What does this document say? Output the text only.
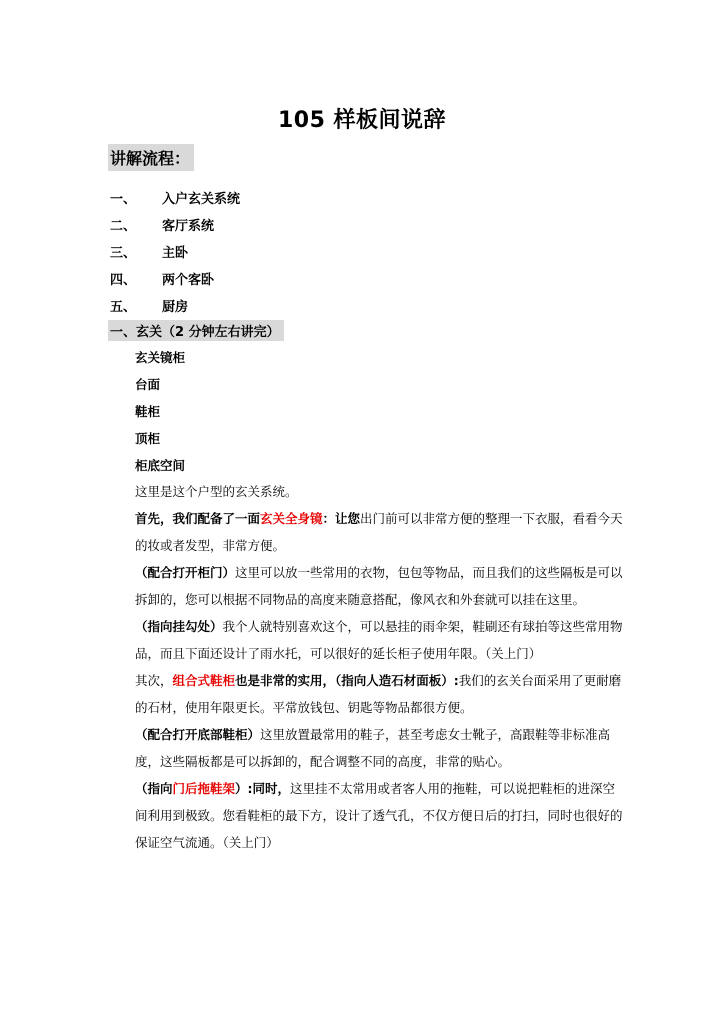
105 样板间说辞
讲解流程：
一、	入户玄关系统
二、	客厅系统
三、	主卧
四、	两个客卧
五、	厨房
一、玄关（2 分钟左右讲完）
玄关镜柜
台面
鞋柜
顶柜
柜底空间

这里是这个户型的玄关系统。

首先，我们配备了一面玄关全身镜：让您出门前可以非常方便的整理一下衣服，看看今天的妆或者发型，非常方便。

（配合打开柜门）这里可以放一些常用的衣物，包包等物品，而且我们的这些隔板是可以拆卸的，您可以根据不同物品的高度来随意搭配，像风衣和外套就可以挂在这里。

（指向挂勾处）我个人就特别喜欢这个，可以悬挂的雨伞架，鞋刷还有球拍等这些常用物品，而且下面还设计了雨水托，可以很好的延长柜子使用年限。（关上门）

其次，组合式鞋柜也是非常的实用，（指向人造石材面板）:我们的玄关台面采用了更耐磨的石材，使用年限更长。平常放钱包、钥匙等物品都很方便。

（配合打开底部鞋柜）这里放置最常用的鞋子，甚至考虑女士靴子，高跟鞋等非标准高度，这些隔板都是可以拆卸的，配合调整不同的高度，非常的贴心。

（指向门后拖鞋架）:同时，这里挂不太常用或者客人用的拖鞋，可以说把鞋柜的进深空间利用到极致。您看鞋柜的最下方，设计了透气孔，不仅方便日后的打扫，同时也很好的保证空气流通。（关上门）
